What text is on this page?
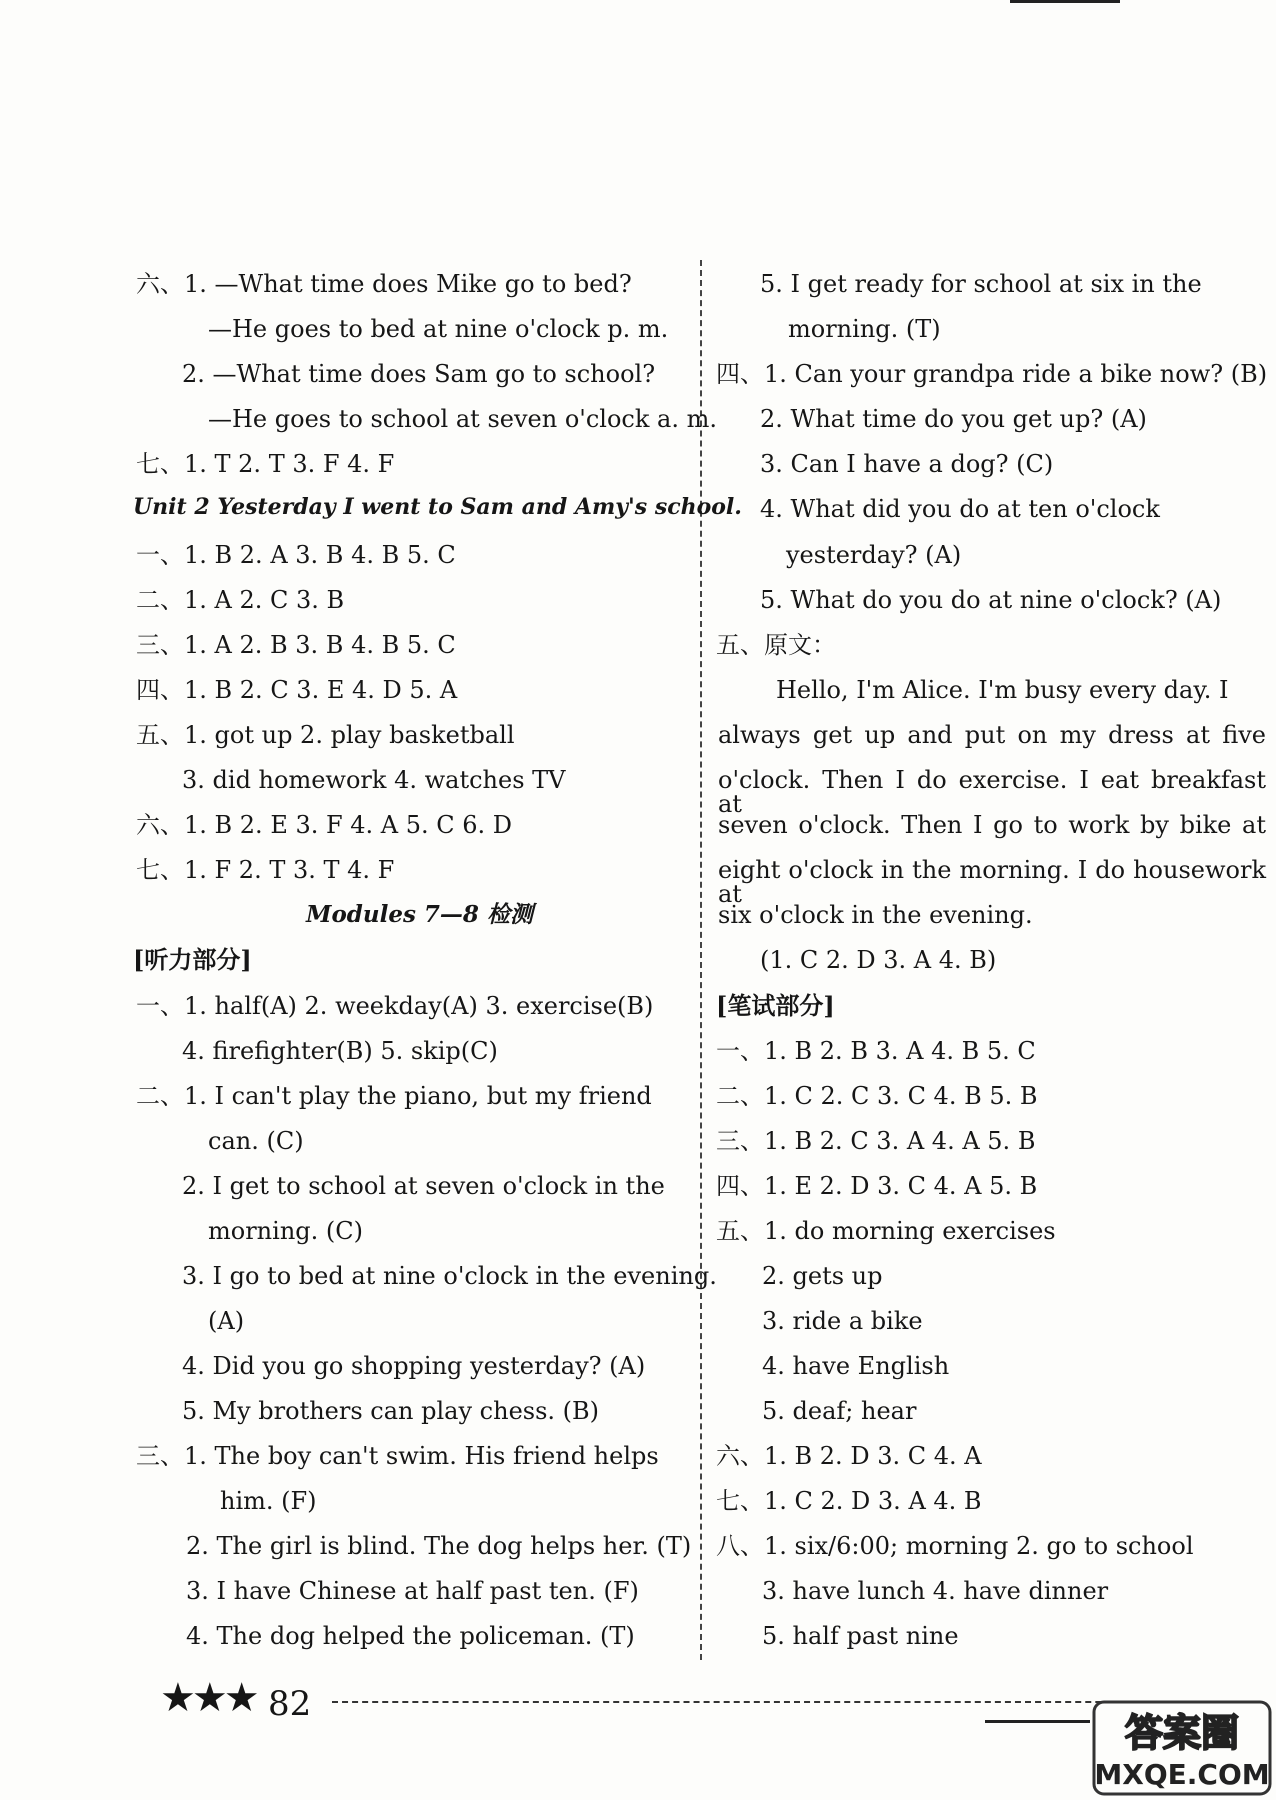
六、1. —What time does Mike go to bed?
—He goes to bed at nine o'clock p. m.
2. —What time does Sam go to school?
—He goes to school at seven o'clock a. m.
七、1. T 2. T 3. F 4. F
Unit 2 Yesterday I went to Sam and Amy's school.
一、1. B 2. A 3. B 4. B 5. C
二、1. A 2. C 3. B
三、1. A 2. B 3. B 4. B 5. C
四、1. B 2. C 3. E 4. D 5. A
五、1. got up 2. play basketball
3. did homework 4. watches TV
六、1. B 2. E 3. F 4. A 5. C 6. D
七、1. F 2. T 3. T 4. F
Modules 7—8 检测
[听力部分]
一、1. half(A) 2. weekday(A) 3. exercise(B)
4. firefighter(B) 5. skip(C)
二、1. I can't play the piano, but my friend
can. (C)
2. I get to school at seven o'clock in the
morning. (C)
3. I go to bed at nine o'clock in the evening.
(A)
4. Did you go shopping yesterday? (A)
5. My brothers can play chess. (B)
三、1. The boy can't swim. His friend helps
him. (F)
2. The girl is blind. The dog helps her. (T)
3. I have Chinese at half past ten. (F)
4. The dog helped the policeman. (T)
5. I get ready for school at six in the
morning. (T)
四、1. Can your grandpa ride a bike now? (B)
2. What time do you get up? (A)
3. Can I have a dog? (C)
4. What did you do at ten o'clock
yesterday? (A)
5. What do you do at nine o'clock? (A)
五、原文：
Hello, I'm Alice. I'm busy every day. I
always get up and put on my dress at five
o'clock. Then I do exercise. I eat breakfast at
seven o'clock. Then I go to work by bike at
eight o'clock in the morning. I do housework at
six o'clock in the evening.
(1. C 2. D 3. A 4. B)
[笔试部分]
一、1. B 2. B 3. A 4. B 5. C
二、1. C 2. C 3. C 4. B 5. B
三、1. B 2. C 3. A 4. A 5. B
四、1. E 2. D 3. C 4. A 5. B
五、1. do morning exercises
2. gets up
3. ride a bike
4. have English
5. deaf; hear
六、1. B 2. D 3. C 4. A
七、1. C 2. D 3. A 4. B
八、1. six/6:00; morning 2. go to school
3. have lunch 4. have dinner
5. half past nine
★★★ 82
答案圈
MXQE.COM
